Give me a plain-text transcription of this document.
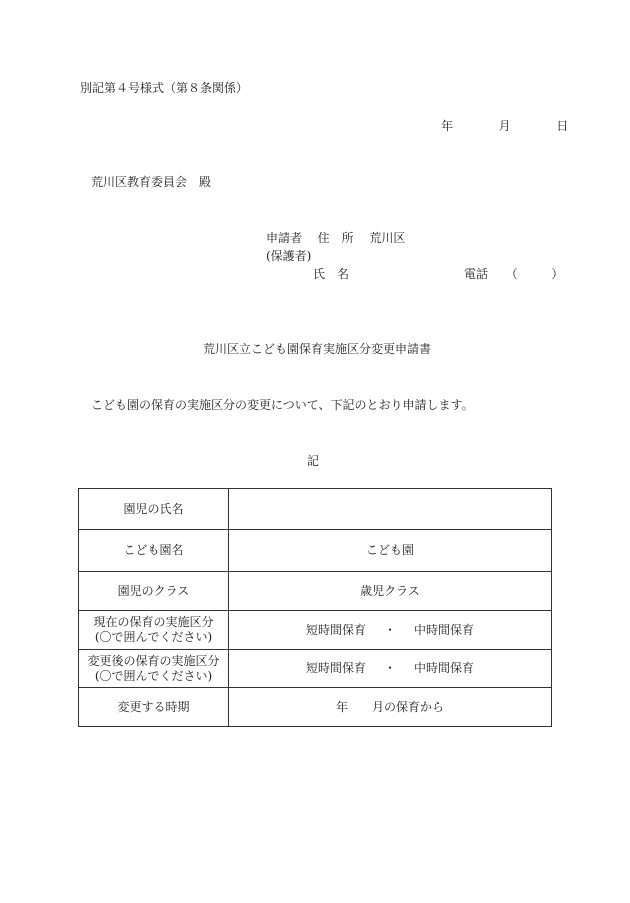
別記第４号様式（第８条関係）
年	月	日
荒川区教育委員会　殿
申請者 住　所 荒川区
(保護者)
氏　名	電話 （	）
荒川区立こども園保育実施区分変更申請書
こども園の保育の実施区分の変更について、下記のとおり申請します。
記
園児の氏名	
こども園名	こども園
園児のクラス	歳児クラス

現在の保育の実施区分
(〇で囲んでください)	短時間保育 ・ 中時間保育

変更後の保育の実施区分
(〇で囲んでください)	短時間保育 ・ 中時間保育
変更する時期	年 月の保育から
